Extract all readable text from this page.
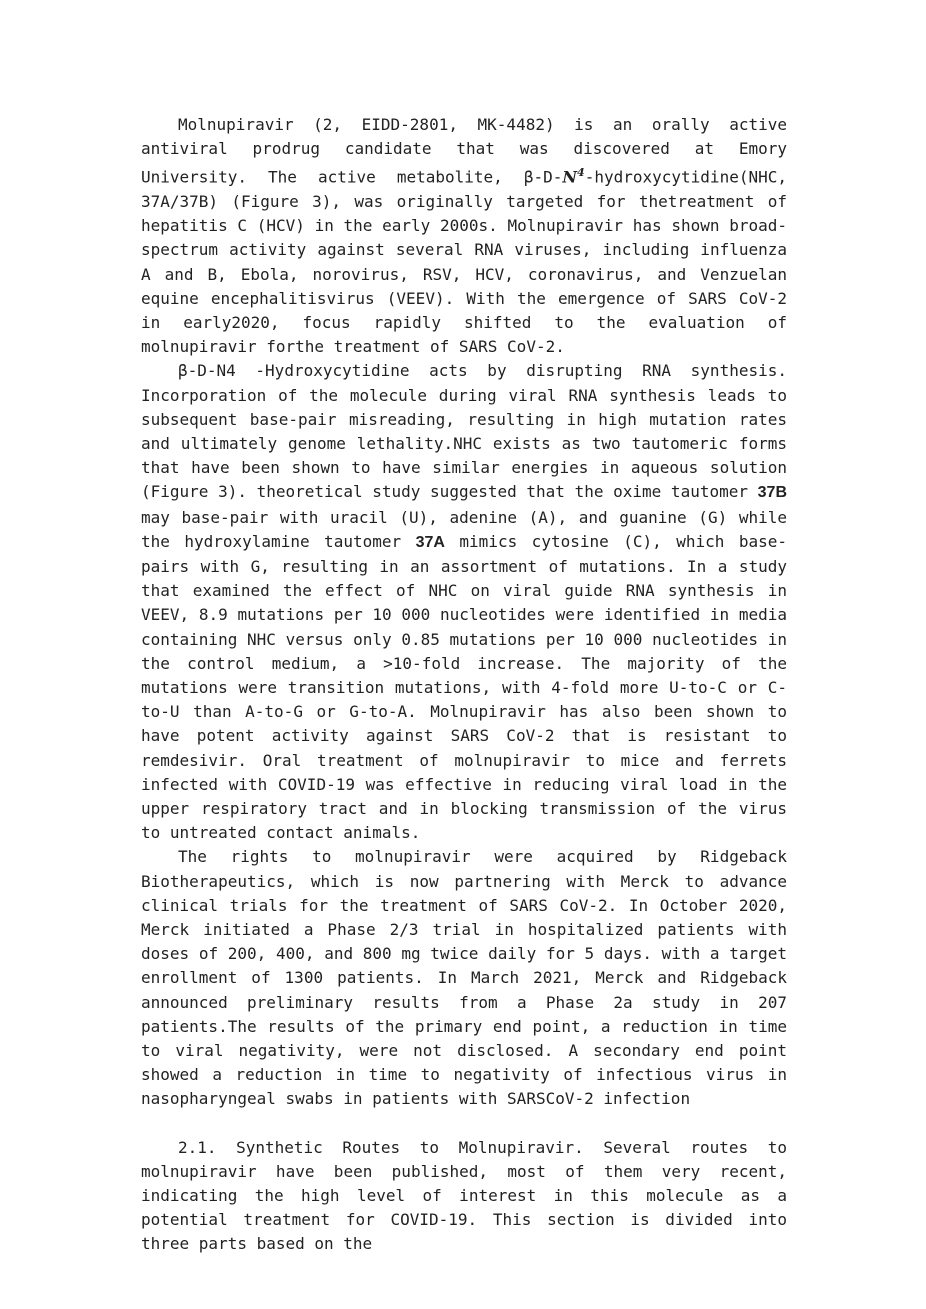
Molnupiravir (2, EIDD-2801, MK-4482) is an orally active antiviral prodrug candidate that was discovered at Emory University. The active metabolite, $\beta-D-N^4-hydroxycytidine(NHC$, 37A/37B) (Figure 3), was originally targeted for thetreatment of hepatitis C (HCV) in the early 2000s. Molnupiravir has shown broad-spectrum activity against several RNA viruses, including influenza A and B, Ebola, norovirus, RSV, HCV, coronavirus, and Venzuelan equine encephalitisvirus (VEEV). With the emergence of SARS CoV-2 in early2020, focus rapidly shifted to the evaluation of molnupiravir forthe treatment of SARS CoV-2.

β-D-N4 -Hydroxycytidine acts by disrupting RNA synthesis. Incorporation of the molecule during viral RNA synthesis leads to subsequent base-pair misreading, resulting in high mutation rates and ultimately genome lethality.NHC exists as two tautomeric forms that have been shown to have similar energies in aqueous solution (Figure 3). theoretical study suggested that the oxime tautomer 37B may base-pair with uracil (U), adenine (A), and guanine (G) while the hydroxylamine tautomer 37A mimics cytosine (C), which base-pairs with G, resulting in an assortment of mutations. In a study that examined the effect of NHC on viral guide RNA synthesis in VEEV, 8.9 mutations per 10 000 nucleotides were identified in media containing NHC versus only 0.85 mutations per 10 000 nucleotides in the control medium, a >10-fold increase. The majority of the mutations were transition mutations, with 4-fold more U-to-C or C-to-U than A-to-G or G-to-A. Molnupiravir has also been shown to have potent activity against SARS CoV-2 that is resistant to remdesivir. Oral treatment of molnupiravir to mice and ferrets infected with COVID-19 was effective in reducing viral load in the upper respiratory tract and in blocking transmission of the virus to untreated contact animals.

The rights to molnupiravir were acquired by Ridgeback Biotherapeutics, which is now partnering with Merck to advance clinical trials for the treatment of SARS CoV-2. In October 2020, Merck initiated a Phase 2/3 trial in hospitalized patients with doses of 200, 400, and 800 mg twice daily for 5 days. with a target enrollment of 1300 patients. In March 2021, Merck and Ridgeback announced preliminary results from a Phase 2a study in 207 patients.The results of the primary end point, a reduction in time to viral negativity, were not disclosed. A secondary end point showed a reduction in time to negativity of infectious virus in nasopharyngeal swabs in patients with SARSCoV-2 infection

2.1. Synthetic Routes to Molnupiravir. Several routes to molnupiravir have been published, most of them very recent, indicating the high level of interest in this molecule as a potential treatment for COVID-19. This section is divided into three parts based on the
